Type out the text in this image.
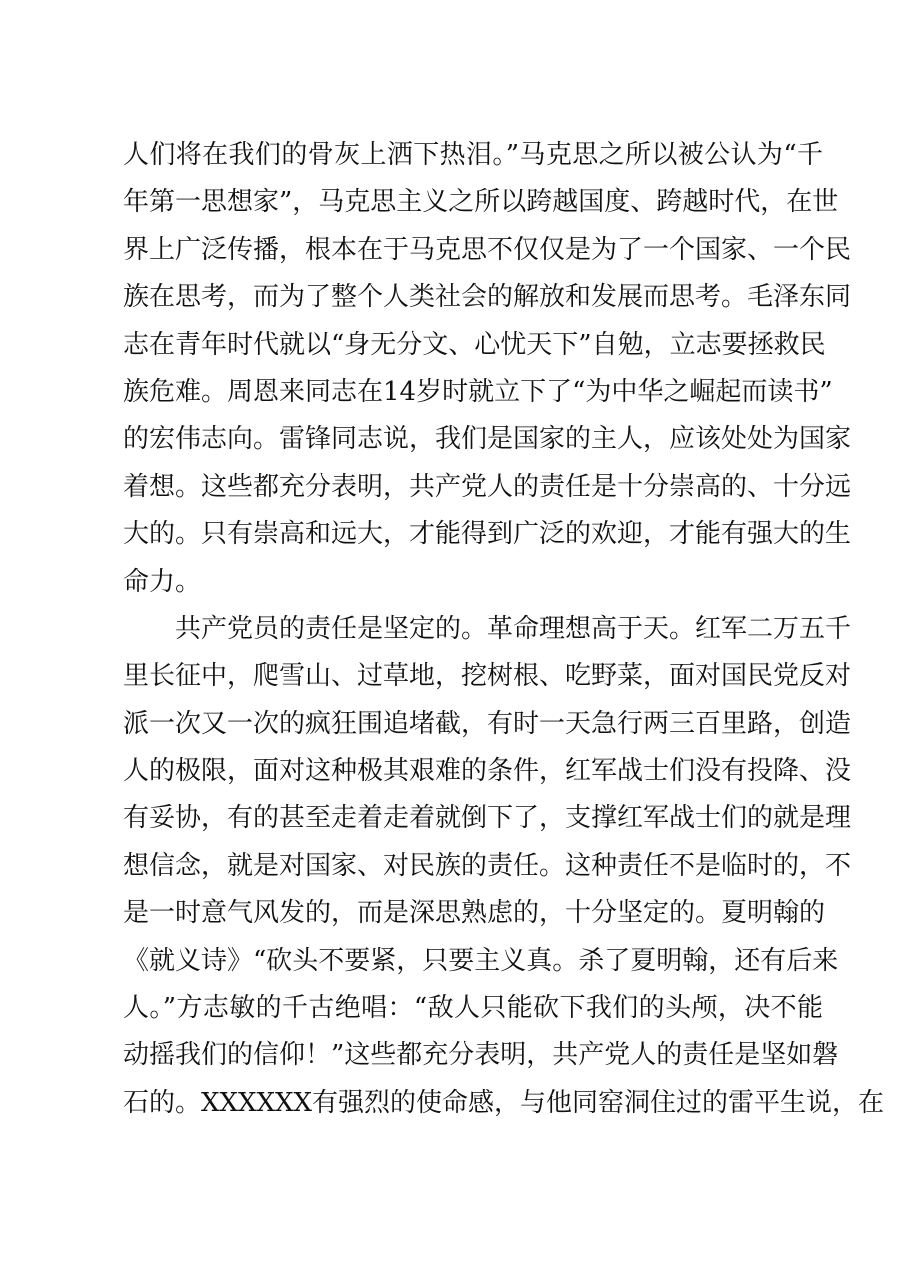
人们将在我们的骨灰上洒下热泪。”马克思之所以被公认为“千
年第一思想家”，马克思主义之所以跨越国度、跨越时代，在世
界上广泛传播，根本在于马克思不仅仅是为了一个国家、一个民
族在思考，而为了整个人类社会的解放和发展而思考。毛泽东同
志在青年时代就以“身无分文、心忧天下”自勉，立志要拯救民
族危难。周恩来同志在14岁时就立下了“为中华之崛起而读书”
的宏伟志向。雷锋同志说，我们是国家的主人，应该处处为国家
着想。这些都充分表明，共产党人的责任是十分崇高的、十分远
大的。只有崇高和远大，才能得到广泛的欢迎，才能有强大的生
命力。
共产党员的责任是坚定的。革命理想高于天。红军二万五千
里长征中，爬雪山、过草地，挖树根、吃野菜，面对国民党反对
派一次又一次的疯狂围追堵截，有时一天急行两三百里路，创造
人的极限，面对这种极其艰难的条件，红军战士们没有投降、没
有妥协，有的甚至走着走着就倒下了，支撑红军战士们的就是理
想信念，就是对国家、对民族的责任。这种责任不是临时的，不
是一时意气风发的，而是深思熟虑的，十分坚定的。夏明翰的
《就义诗》“砍头不要紧，只要主义真。杀了夏明翰，还有后来
人。”方志敏的千古绝唱：“敌人只能砍下我们的头颅，决不能
动摇我们的信仰！”这些都充分表明，共产党人的责任是坚如磐
石的。XXXXXX有强烈的使命感，与他同窑洞住过的雷平生说，在
